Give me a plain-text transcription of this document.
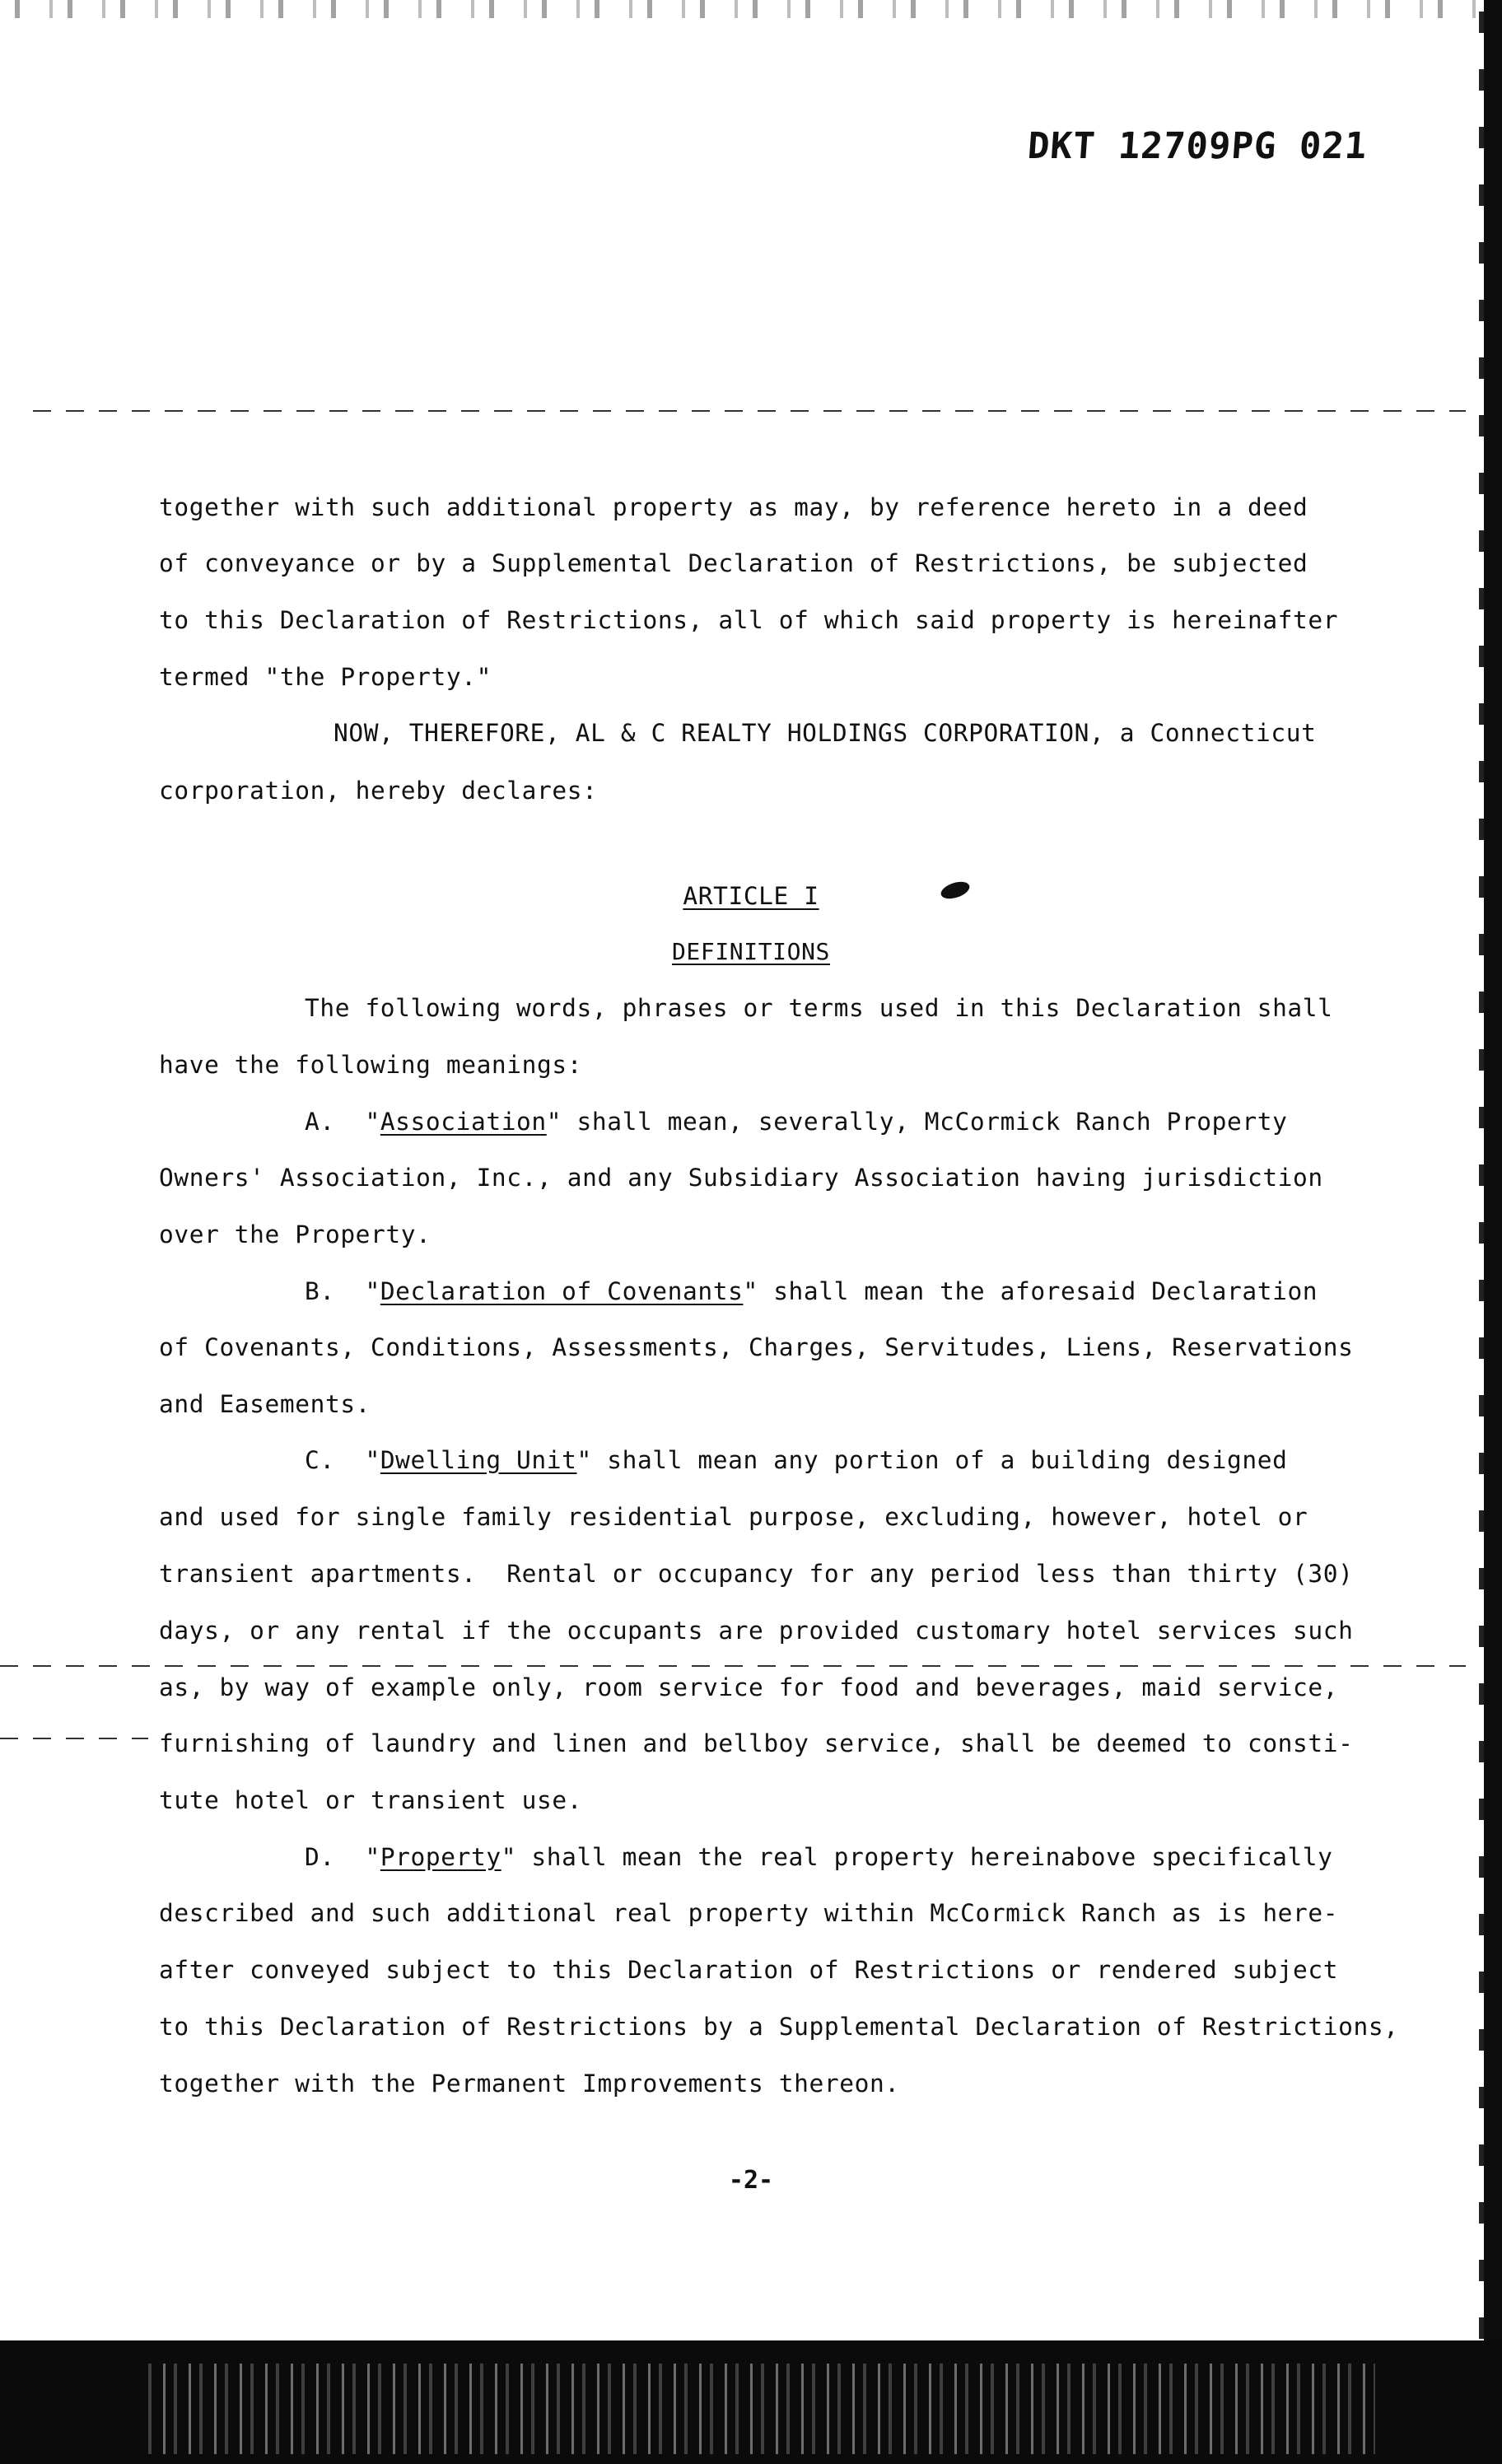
DKT 12709PG 021
together with such additional property as may, by reference hereto in a deed
of conveyance or by a Supplemental Declaration of Restrictions, be subjected
to this Declaration of Restrictions, all of which said property is hereinafter
termed "the Property."
NOW, THEREFORE, AL & C REALTY HOLDINGS CORPORATION, a Connecticut
corporation, hereby declares:
ARTICLE I
DEFINITIONS
The following words, phrases or terms used in this Declaration shall
have the following meanings:
A.  "Association" shall mean, severally, McCormick Ranch Property
Owners' Association, Inc., and any Subsidiary Association having jurisdiction
over the Property.
B.  "Declaration of Covenants" shall mean the aforesaid Declaration
of Covenants, Conditions, Assessments, Charges, Servitudes, Liens, Reservations
and Easements.
C.  "Dwelling Unit" shall mean any portion of a building designed
and used for single family residential purpose, excluding, however, hotel or
transient apartments.  Rental or occupancy for any period less than thirty (30)
days, or any rental if the occupants are provided customary hotel services such
as, by way of example only, room service for food and beverages, maid service,
furnishing of laundry and linen and bellboy service, shall be deemed to consti-
tute hotel or transient use.
D.  "Property" shall mean the real property hereinabove specifically
described and such additional real property within McCormick Ranch as is here-
after conveyed subject to this Declaration of Restrictions or rendered subject
to this Declaration of Restrictions by a Supplemental Declaration of Restrictions,
together with the Permanent Improvements thereon.
-2-
